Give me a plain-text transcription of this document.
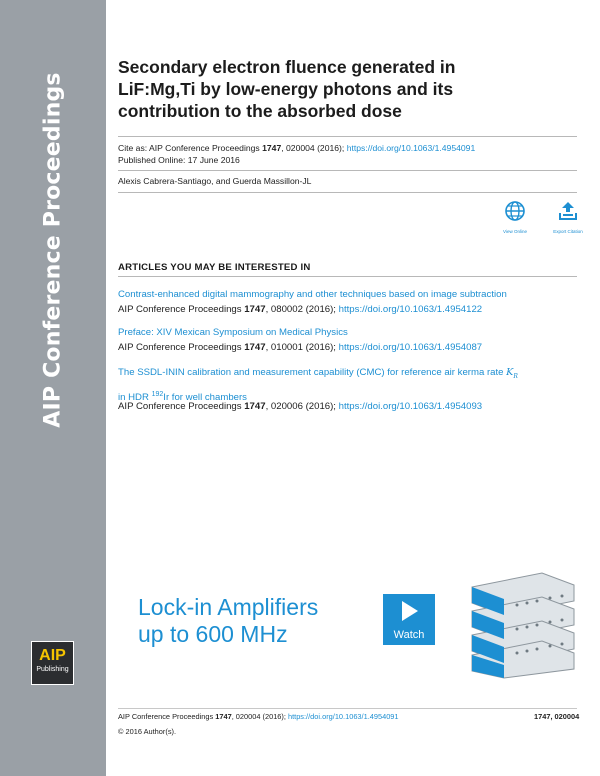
AIP Conference Proceedings
AIP
Publishing
Secondary electron fluence generated in
LiF:Mg,Ti by low-energy photons and its
contribution to the absorbed dose
Cite as: AIP Conference Proceedings 1747, 020004 (2016); https://doi.org/10.1063/1.4954091
Published Online: 17 June 2016
Alexis Cabrera-Santiago, and Guerda Massillon-JL
View Online	Export Citation
ARTICLES YOU MAY BE INTERESTED IN
Contrast-enhanced digital mammography and other techniques based on image subtraction
AIP Conference Proceedings 1747, 080002 (2016); https://doi.org/10.1063/1.4954122
Preface: XIV Mexican Symposium on Medical Physics
AIP Conference Proceedings 1747, 010001 (2016); https://doi.org/10.1063/1.4954087
The SSDL-ININ calibration and measurement capability (CMC) for reference air kerma rate $K_R$
in HDR $^{192}$Ir for well chambers
AIP Conference Proceedings 1747, 020006 (2016); https://doi.org/10.1063/1.4954093
Lock-in Amplifiers
up to 600 MHz	Watch
AIP Conference Proceedings 1747, 020004 (2016); https://doi.org/10.1063/1.4954091	1747, 020004
© 2016 Author(s).
